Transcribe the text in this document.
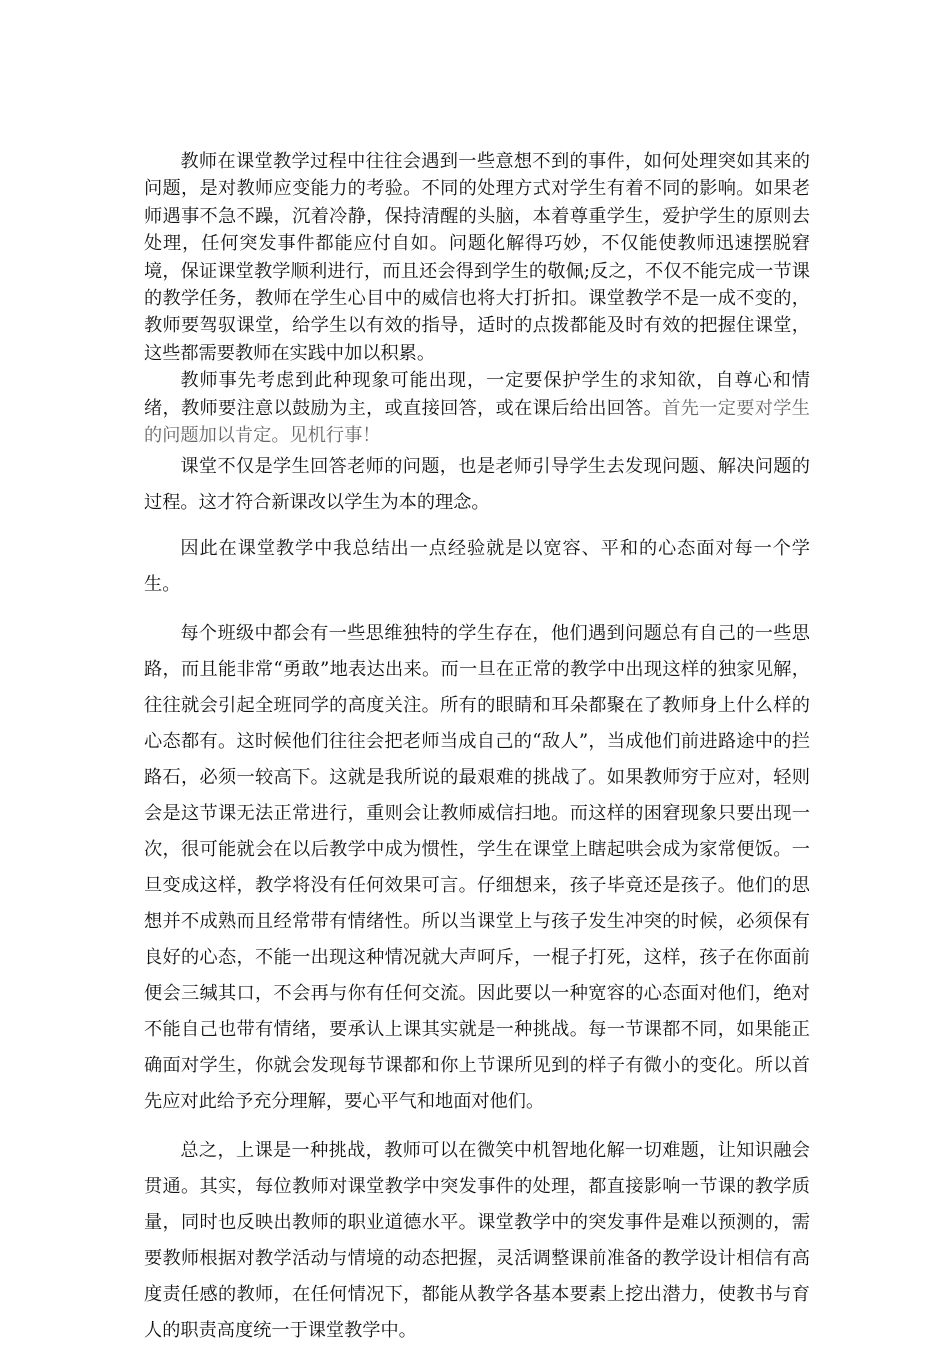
教师在课堂教学过程中往往会遇到一些意想不到的事件，如何处理突如其来的问题，是对教师应变能力的考验。不同的处理方式对学生有着不同的影响。如果老师遇事不急不躁，沉着冷静，保持清醒的头脑，本着尊重学生，爱护学生的原则去处理，任何突发事件都能应付自如。问题化解得巧妙，不仅能使教师迅速摆脱窘境，保证课堂教学顺利进行，而且还会得到学生的敬佩;反之，不仅不能完成一节课的教学任务，教师在学生心目中的威信也将大打折扣。课堂教学不是一成不变的，教师要驾驭课堂，给学生以有效的指导，适时的点拨都能及时有效的把握住课堂，这些都需要教师在实践中加以积累。

教师事先考虑到此种现象可能出现，一定要保护学生的求知欲，自尊心和情绪，教师要注意以鼓励为主，或直接回答，或在课后给出回答。首先一定要对学生的问题加以肯定。见机行事！

课堂不仅是学生回答老师的问题，也是老师引导学生去发现问题、解决问题的过程。这才符合新课改以学生为本的理念。

因此在课堂教学中我总结出一点经验就是以宽容、平和的心态面对每一个学生。

每个班级中都会有一些思维独特的学生存在，他们遇到问题总有自己的一些思路，而且能非常“勇敢”地表达出来。而一旦在正常的教学中出现这样的独家见解，往往就会引起全班同学的高度关注。所有的眼睛和耳朵都聚在了教师身上什么样的心态都有。这时候他们往往会把老师当成自己的“敌人”，当成他们前进路途中的拦路石，必须一较高下。这就是我所说的最艰难的挑战了。如果教师穷于应对，轻则会是这节课无法正常进行，重则会让教师威信扫地。而这样的困窘现象只要出现一次，很可能就会在以后教学中成为惯性，学生在课堂上瞎起哄会成为家常便饭。一旦变成这样，教学将没有任何效果可言。仔细想来，孩子毕竟还是孩子。他们的思想并不成熟而且经常带有情绪性。所以当课堂上与孩子发生冲突的时候，必须保有良好的心态，不能一出现这种情况就大声呵斥，一棍子打死，这样，孩子在你面前便会三缄其口，不会再与你有任何交流。因此要以一种宽容的心态面对他们，绝对不能自己也带有情绪，要承认上课其实就是一种挑战。每一节课都不同，如果能正确面对学生，你就会发现每节课都和你上节课所见到的样子有微小的变化。所以首先应对此给予充分理解，要心平气和地面对他们。

总之，上课是一种挑战，教师可以在微笑中机智地化解一切难题，让知识融会贯通。其实，每位教师对课堂教学中突发事件的处理，都直接影响一节课的教学质量，同时也反映出教师的职业道德水平。课堂教学中的突发事件是难以预测的，需要教师根据对教学活动与情境的动态把握，灵活调整课前准备的教学设计相信有高度责任感的教师，在任何情况下，都能从教学各基本要素上挖出潜力，使教书与育人的职责高度统一于课堂教学中。
